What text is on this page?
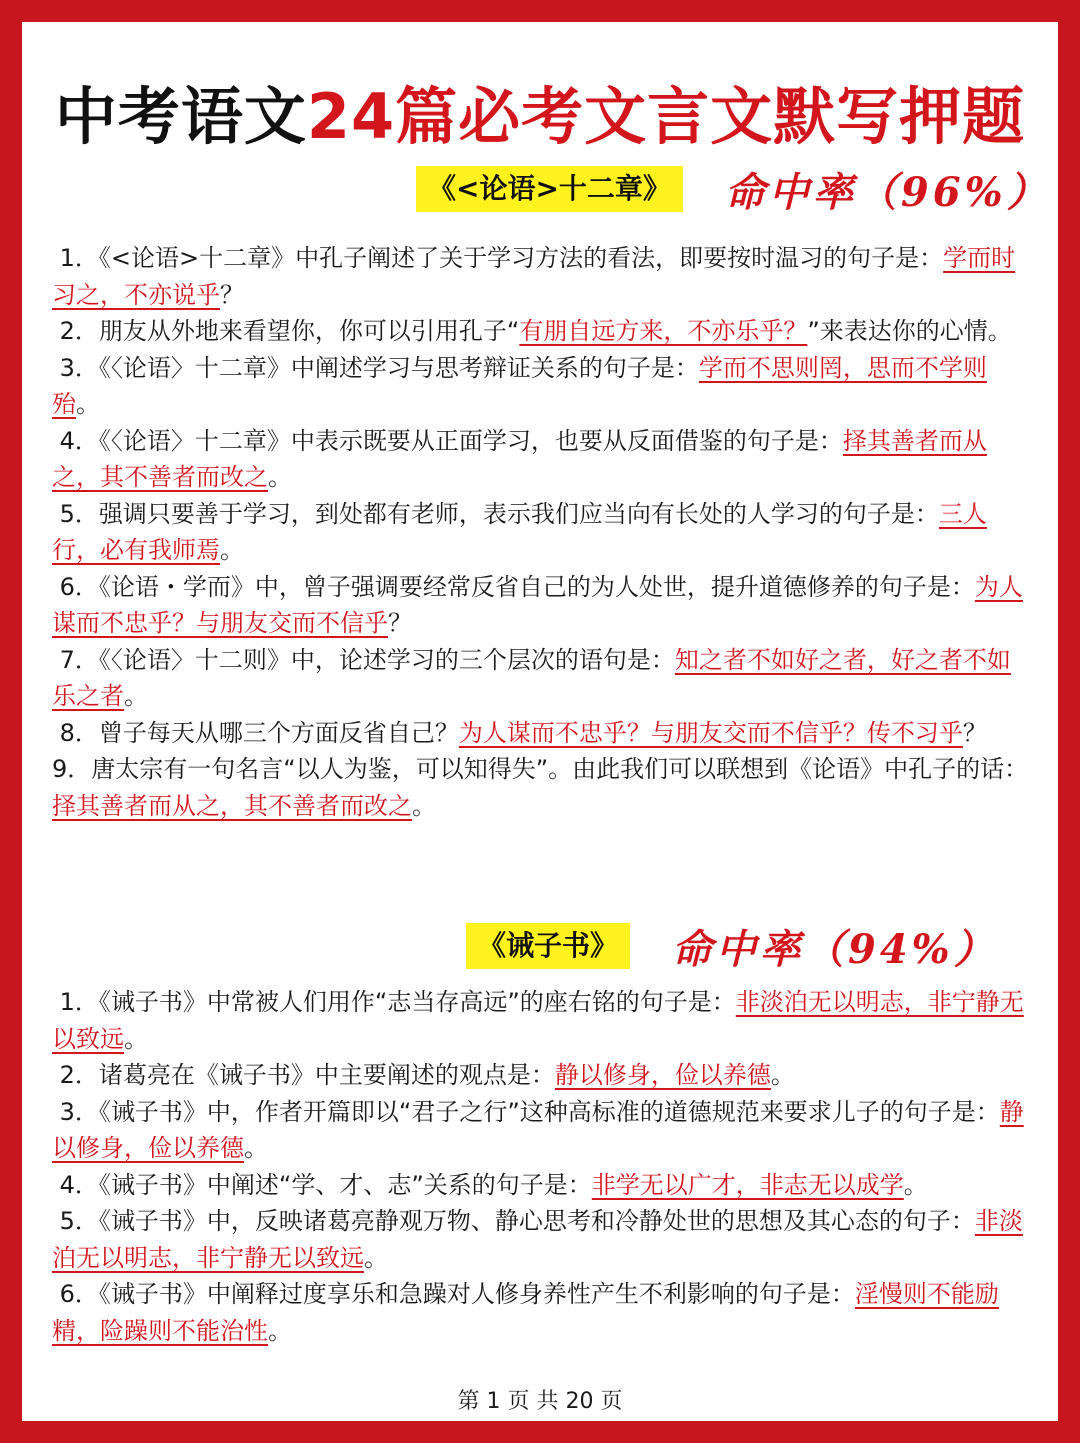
中考语文24篇必考文言文默写押题
《<论语>十二章》	命中率（96%）

1．《<论语>十二章》中孔子阐述了关于学习方法的看法，即要按时温习的句子是：学而时习之，不亦说乎？

2．朋友从外地来看望你，你可以引用孔子“有朋自远方来，不亦乐乎？”来表达你的心情。

3．《〈论语〉十二章》中阐述学习与思考辩证关系的句子是：学而不思则罔，思而不学则殆。

4．《〈论语〉十二章》中表示既要从正面学习，也要从反面借鉴的句子是：择其善者而从之，其不善者而改之。

5．强调只要善于学习，到处都有老师，表示我们应当向有长处的人学习的句子是：三人行，必有我师焉。

6．《论语・学而》中，曾子强调要经常反省自己的为人处世，提升道德修养的句子是：为人谋而不忠乎？与朋友交而不信乎？

7．《〈论语〉十二则》中，论述学习的三个层次的语句是：知之者不如好之者，好之者不如乐之者。

8．曾子每天从哪三个方面反省自己？为人谋而不忠乎？与朋友交而不信乎？传不习乎？

9．唐太宗有一句名言“以人为鉴，可以知得失”。由此我们可以联想到《论语》中孔子的话：择其善者而从之，其不善者而改之。

《诫子书》	命中率（94%）

1．《诫子书》中常被人们用作“志当存高远”的座右铭的句子是：非淡泊无以明志，非宁静无以致远。

2．诸葛亮在《诫子书》中主要阐述的观点是：静以修身，俭以养德。

3．《诫子书》中，作者开篇即以“君子之行”这种高标准的道德规范来要求儿子的句子是：静以修身，俭以养德。

4．《诫子书》中阐述“学、才、志”关系的句子是：非学无以广才，非志无以成学。

5．《诫子书》中，反映诸葛亮静观万物、静心思考和冷静处世的思想及其心态的句子：非淡泊无以明志，非宁静无以致远。

6．《诫子书》中阐释过度享乐和急躁对人修身养性产生不利影响的句子是：淫慢则不能励精，险躁则不能治性。

第 1 页 共 20 页
